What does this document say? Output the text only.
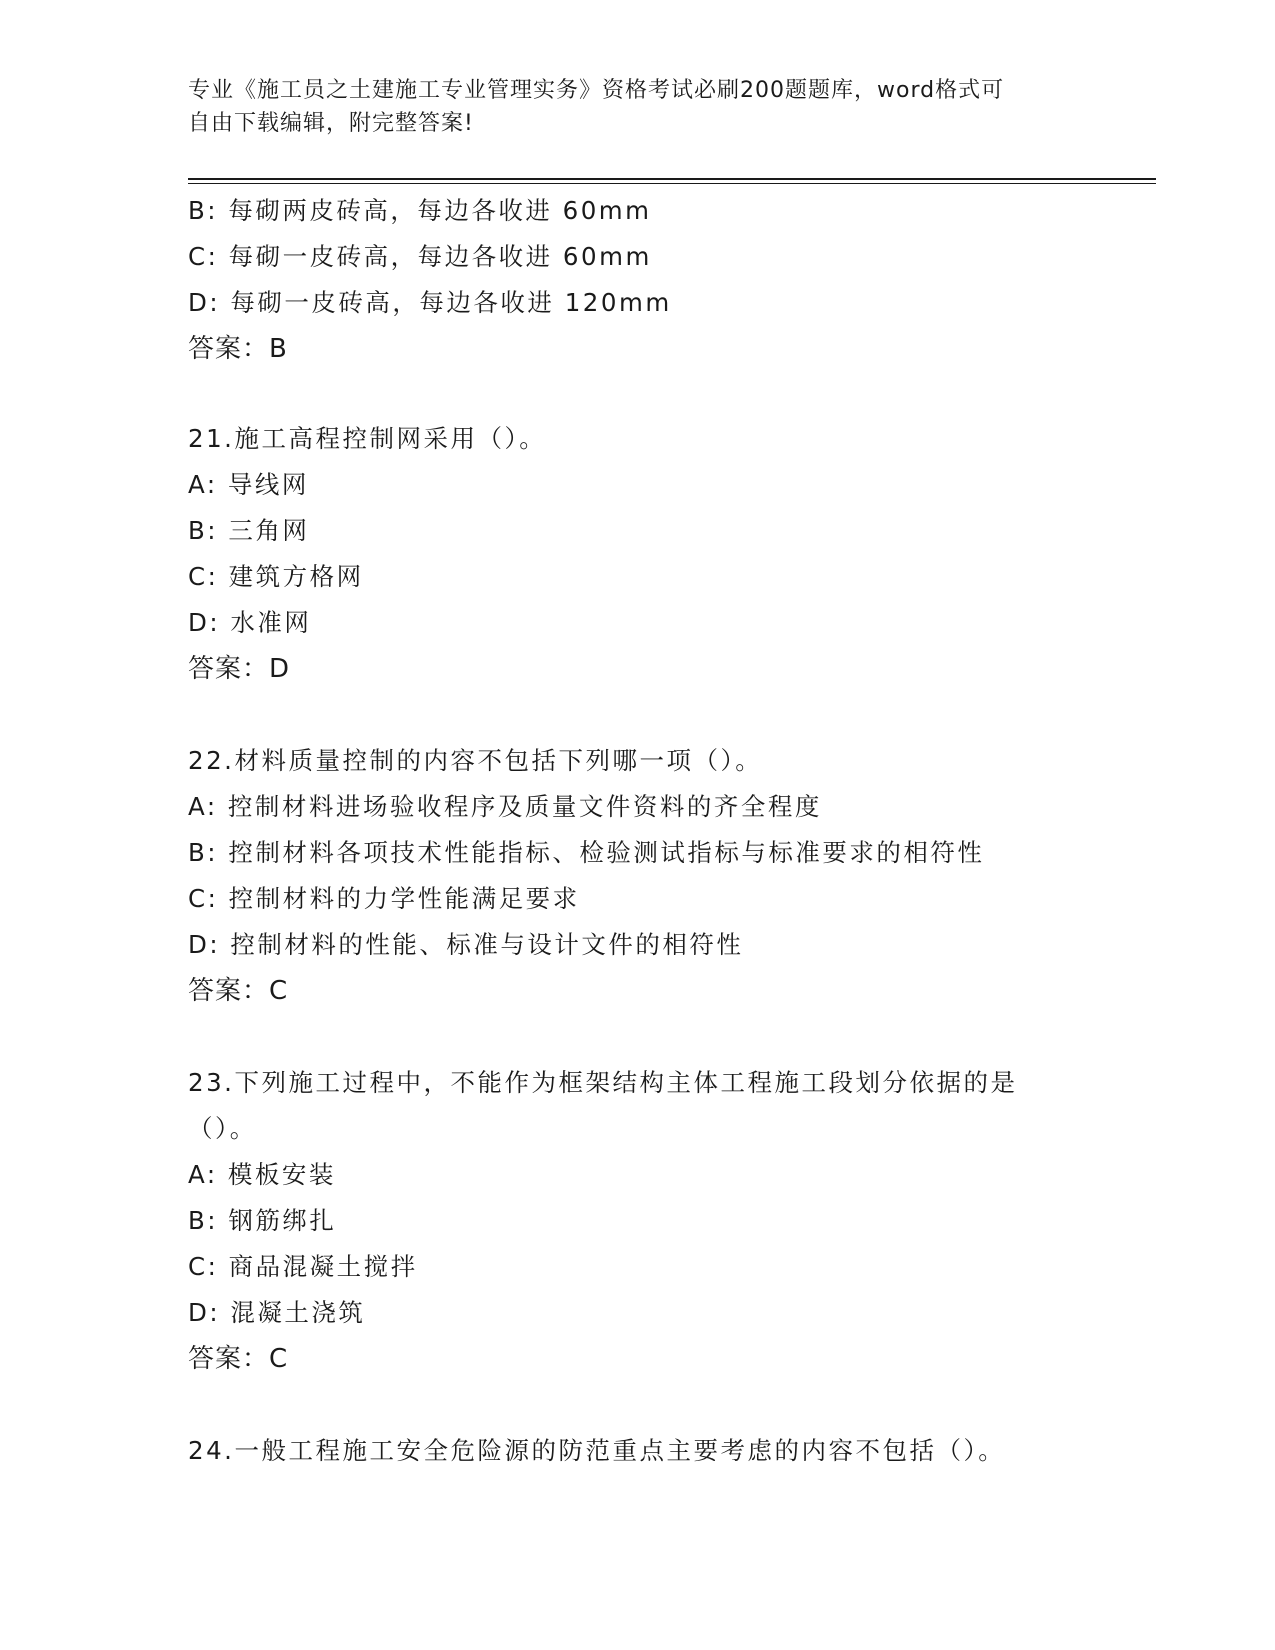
专业《施工员之土建施工专业管理实务》资格考试必刷200题题库，word格式可
自由下载编辑，附完整答案!
B: 每砌两皮砖高，每边各收进 60mm
C: 每砌一皮砖高，每边各收进 60mm
D: 每砌一皮砖高，每边各收进 120mm
答案：B
21.施工高程控制网采用（）。
A: 导线网
B: 三角网
C: 建筑方格网
D: 水准网
答案：D
22.材料质量控制的内容不包括下列哪一项（）。
A: 控制材料进场验收程序及质量文件资料的齐全程度
B: 控制材料各项技术性能指标、检验测试指标与标准要求的相符性
C: 控制材料的力学性能满足要求
D: 控制材料的性能、标准与设计文件的相符性
答案：C
23.下列施工过程中，不能作为框架结构主体工程施工段划分依据的是
（）。
A: 模板安装
B: 钢筋绑扎
C: 商品混凝土搅拌
D: 混凝土浇筑
答案：C
24.一般工程施工安全危险源的防范重点主要考虑的内容不包括（）。
